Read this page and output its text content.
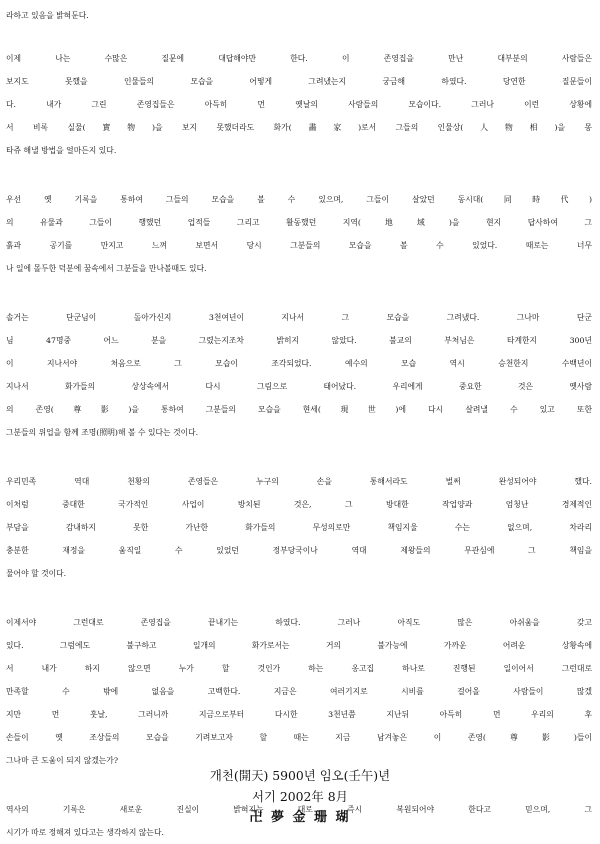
라하고 있음을 밝혀둔다.

이제 나는 수많은 질문에 대답해야만 한다. 이 존영집을 만난 대부분의 사람들은
보지도 못했을 인물들의 모습을 어떻게 그려냈는지 궁금해 하였다. 당연한 질문들이
다. 내가 그린 존영집들은 아득히 먼 옛날의 사람들의 모습이다. 그러나 이런 상황에
서 비록 실물(實物)을 보지 못했더라도 화가(畵家)로서 그들의 인물상(人物相)을 몽
타쥬 해낼 방법을 얼마든지 있다.
우선 옛 기록을 통하여 그들의 모습을 볼 수 있으며, 그들이 살았던 동시대(同時代)
의 유물과 그들이 행했던 업적들 그리고 활동했던 지역(地域)을 현지 답사하여 그
흙과 공기를 만지고 느껴 보면서 당시 그분들의 모습을 볼 수 있었다. 때로는 너무
나 일에 몰두한 덕분에 꿈속에서 그분들을 만나볼때도 있다.
솔거는 단군님이 돌아가신지 3천여년이 지나서 그 모습을 그려냈다. 그나마 단군
님 47명중 어느 분을 그렸는지조차 밝히지 않았다. 불교의 부처님은 타계한지 300년
이 지나서야 처음으로 그 모습이 조각되었다. 예수의 모습 역시 승천한지 수백년이
지나서 화가들의 상상속에서 다시 그림으로 태어났다. 우리에게 중요한 것은 옛사람
의 존영(尊影)을 통하여 그분들의 모습을 현세(現世)에 다시 살려낼 수 있고 또한
그분들의 위업을 함께 조명(照明)해 볼 수 있다는 것이다.
우리민족 역대 천황의 존영들은 누구의 손을 통해서라도 벌써 완성되어야 했다.
이처럼 중대한 국가적인 사업이 방치된 것은, 그 방대한 작업양과 엄청난 경제적인
부담을 감내하지 못한 가난한 화가들의 무성의로만 책임지울 수는 없으며, 차라리
충분한 재정을 움직일 수 있었던 정부당국이나 역대 제왕들의 무관심에 그 책임을
물어야 할 것이다.
이제서야 그런대로 존영집을 끝내기는 하였다. 그러나 아직도 많은 아쉬움을 갖고
있다. 그럼에도 불구하고 일개의 화가로서는 거의 불가능에 가까운 어려운 상황속에
서 내가 하지 않으면 누가 할 것인가 하는 옹고집 하나로 진행된 일이어서 그런대로
만족할 수 밖에 없음을 고백한다. 지금은 여러기지로 시비를 걸어올 사람들이 많겠
지만 먼 훗날, 그러니까 지금으로부터 다시한 3천년쯤 지난뒤 아득히 먼 우리의 후
손들이 옛 조상들의 모습을 기려보고자 할 때는 지금 남겨놓은 이 존영(尊影)들이
그나마 큰 도움이 되지 않겠는가?
역사의 기록은 새로운 진실이 밝혀지는 대로 즉시 복원되어야 한다고 믿으며, 그
시기가 따로 정해져 있다고는 생각하지 않는다.
개천(開天) 5900년 임오(壬午)년
서기 2002年 8月
卍 夢 金 珊 瑚
